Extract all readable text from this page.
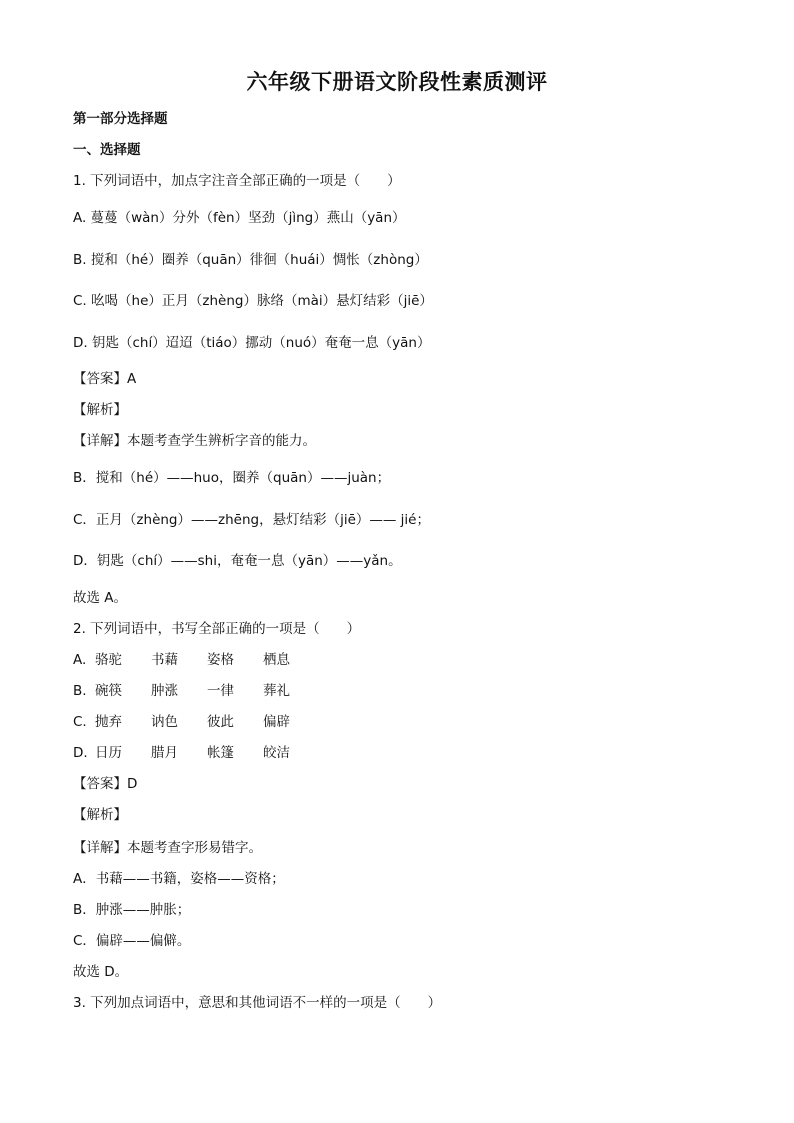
六年级下册语文阶段性素质测评
第一部分选择题
一、选择题
1. 下列词语中，加点字注音全部正确的一项是（　　）
A. 蔓蔓（wàn）分外（fèn）坚劲（jìng）燕山（yān）
B. 搅和（hé）圈养（quān）徘徊（huái）惆怅（zhòng）
C. 吆喝（he）正月（zhèng）脉络（mài）悬灯结彩（jiē）
D. 钥匙（chí）迢迢（tiáo）挪动（nuó）奄奄一息（yān）
【答案】A
【解析】
【详解】本题考查学生辨析字音的能力。
B．搅和（hé）——huo，圈养（quān）——juàn；
C．正月（zhèng）——zhēng，悬灯结彩（jiē）—— jié；
D．钥匙（chí）——shi，奄奄一息（yān）——yǎn。
故选 A。
2. 下列词语中，书写全部正确的一项是（　　）
A. 骆驼 书藉 姿格 栖息
B. 碗筷 肿涨 一律 葬礼
C. 抛弃 讷色 彼此 偏辟
D. 日历 腊月 帐篷 皎洁
【答案】D
【解析】
【详解】本题考查字形易错字。
A．书藉——书籍，姿格——资格；
B．肿涨——肿胀；
C．偏辟——偏僻。
故选 D。
3. 下列加点词语中，意思和其他词语不一样的一项是（　　）
